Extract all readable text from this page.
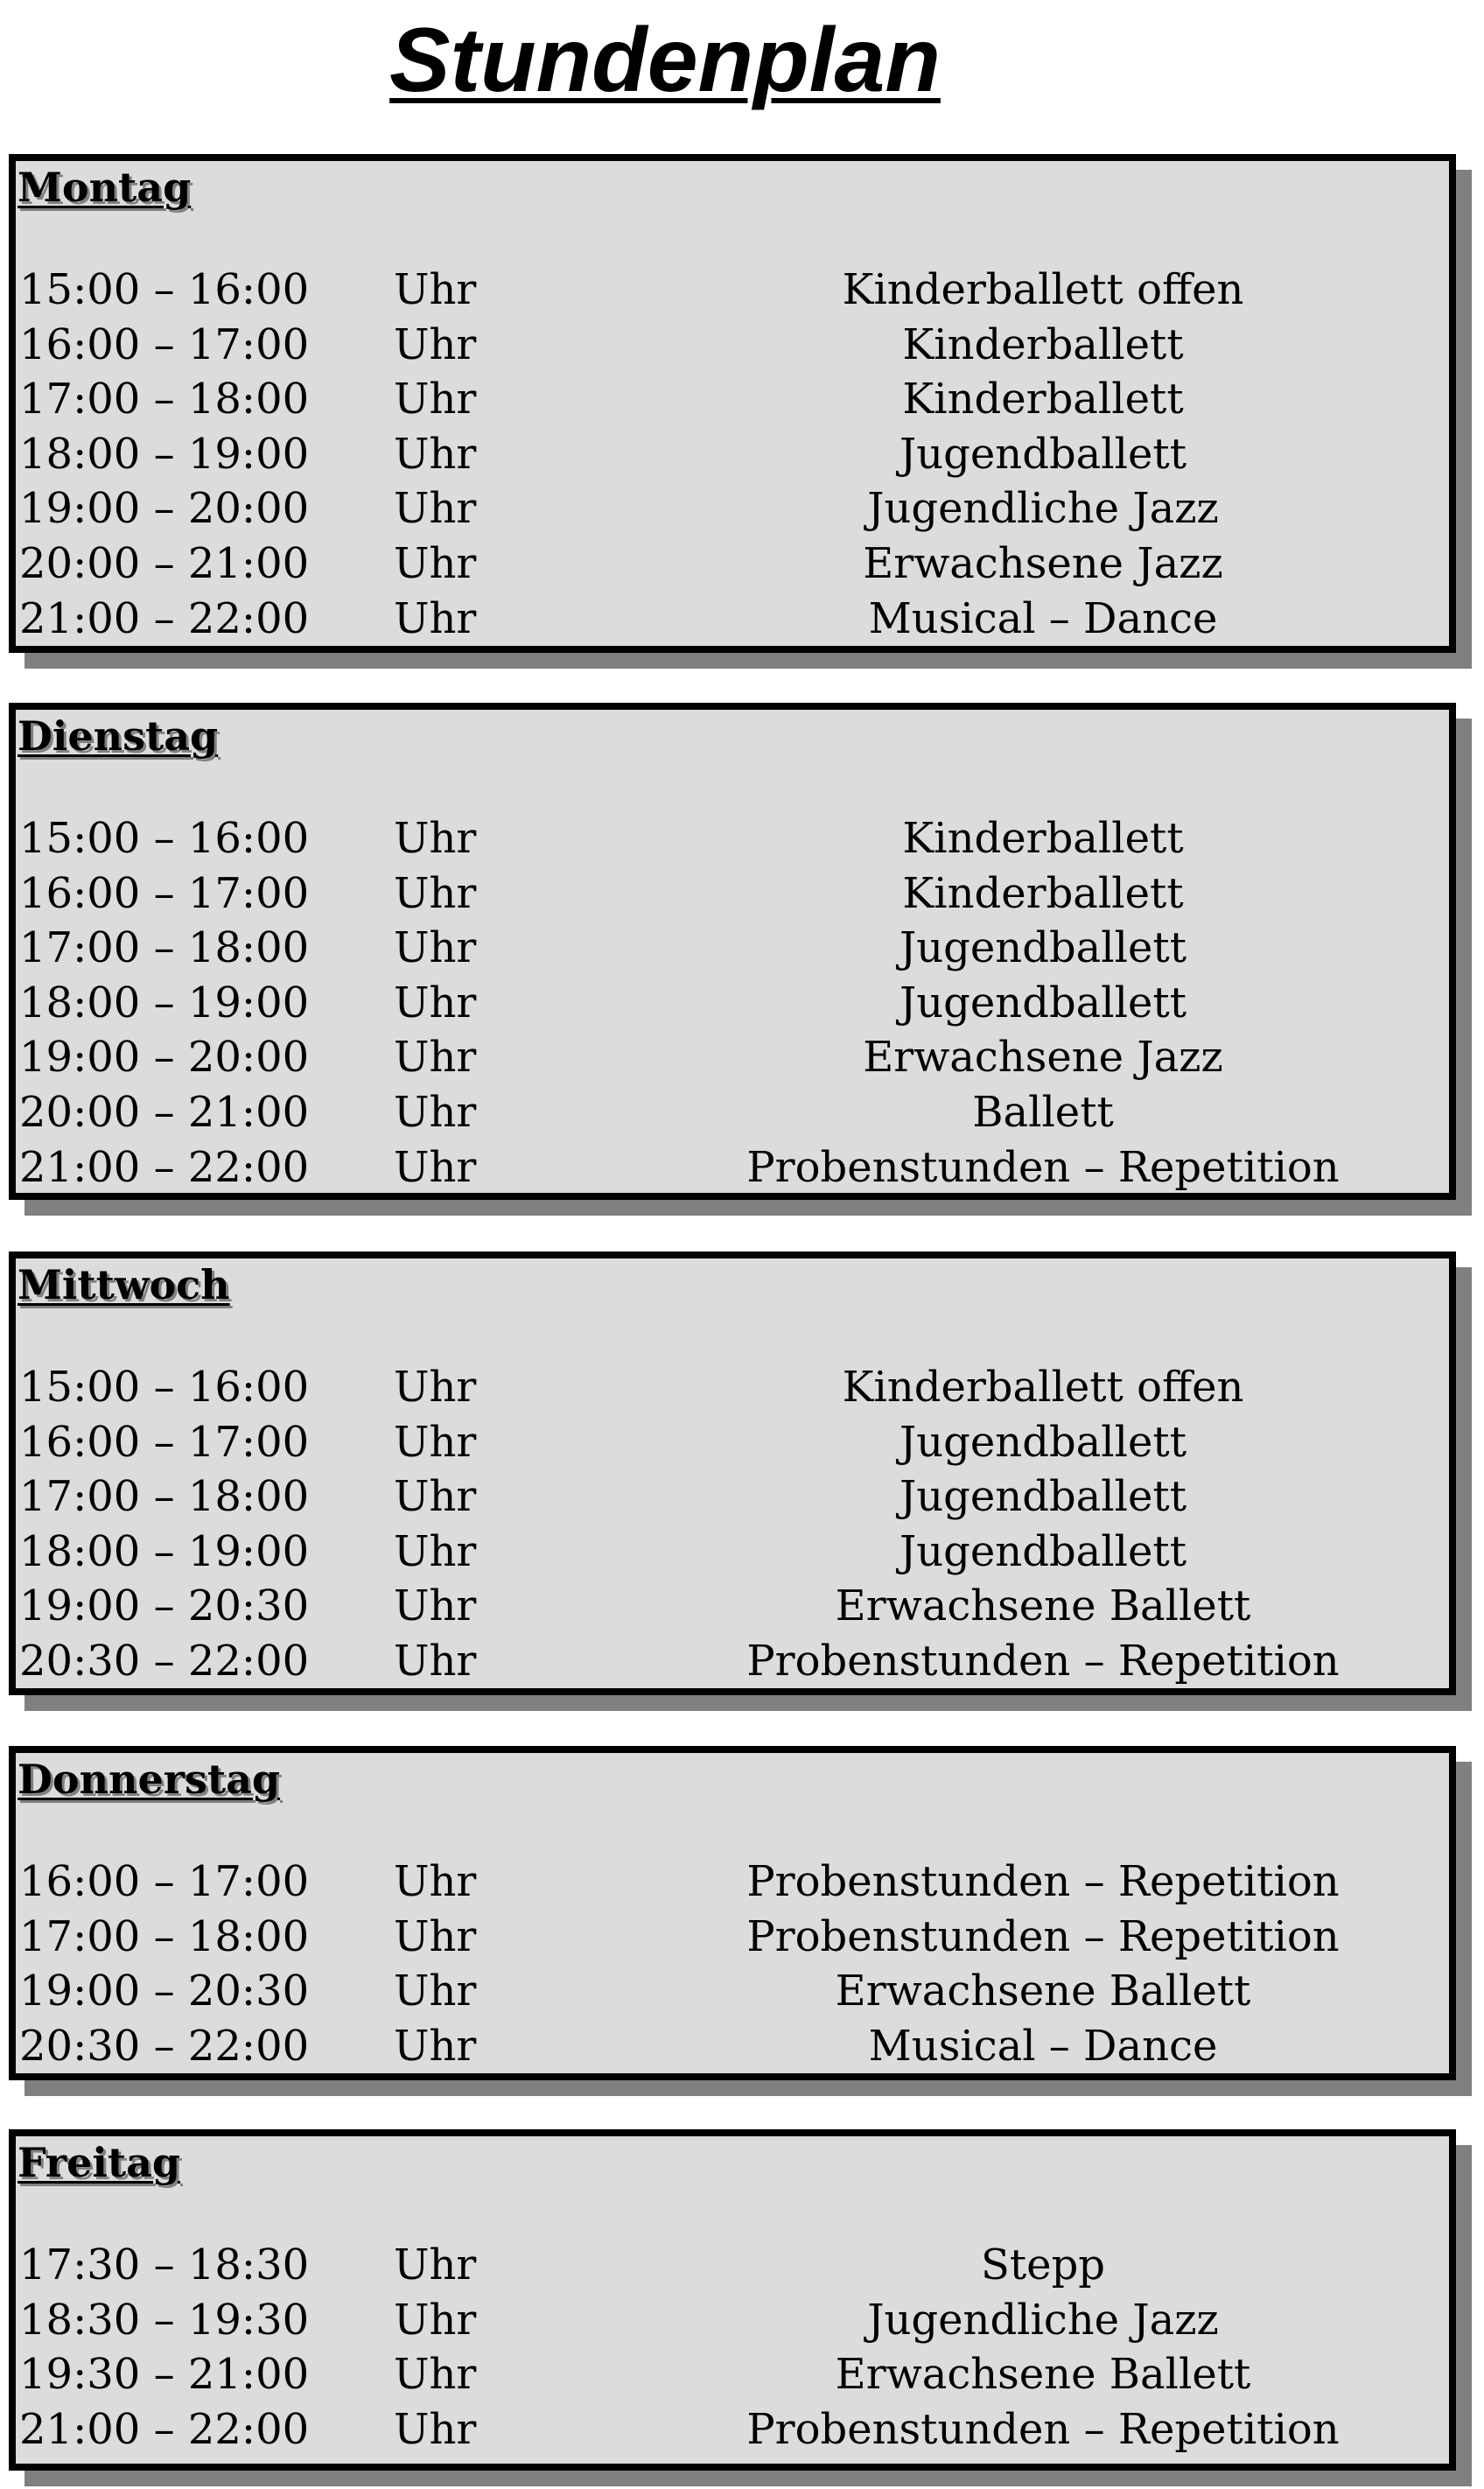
Stundenplan
Montag
15:00 – 16:00 Uhr	Kinderballett offen
16:00 – 17:00 Uhr	Kinderballett
17:00 – 18:00 Uhr	Kinderballett
18:00 – 19:00 Uhr	Jugendballett
19:00 – 20:00 Uhr	Jugendliche Jazz
20:00 – 21:00 Uhr	Erwachsene Jazz
21:00 – 22:00 Uhr	Musical – Dance
Dienstag
15:00 – 16:00 Uhr	Kinderballett
16:00 – 17:00 Uhr	Kinderballett
17:00 – 18:00 Uhr	Jugendballett
18:00 – 19:00 Uhr	Jugendballett
19:00 – 20:00 Uhr	Erwachsene Jazz
20:00 – 21:00 Uhr	Ballett
21:00 – 22:00 Uhr	Probenstunden – Repetition
Mittwoch
15:00 – 16:00 Uhr	Kinderballett offen
16:00 – 17:00 Uhr	Jugendballett
17:00 – 18:00 Uhr	Jugendballett
18:00 – 19:00 Uhr	Jugendballett
19:00 – 20:30 Uhr	Erwachsene Ballett
20:30 – 22:00 Uhr	Probenstunden – Repetition
Donnerstag
16:00 – 17:00 Uhr	Probenstunden – Repetition
17:00 – 18:00 Uhr	Probenstunden – Repetition
19:00 – 20:30 Uhr	Erwachsene Ballett
20:30 – 22:00 Uhr	Musical – Dance
Freitag
17:30 – 18:30 Uhr	Stepp
18:30 – 19:30 Uhr	Jugendliche Jazz
19:30 – 21:00 Uhr	Erwachsene Ballett
21:00 – 22:00 Uhr	Probenstunden – Repetition
